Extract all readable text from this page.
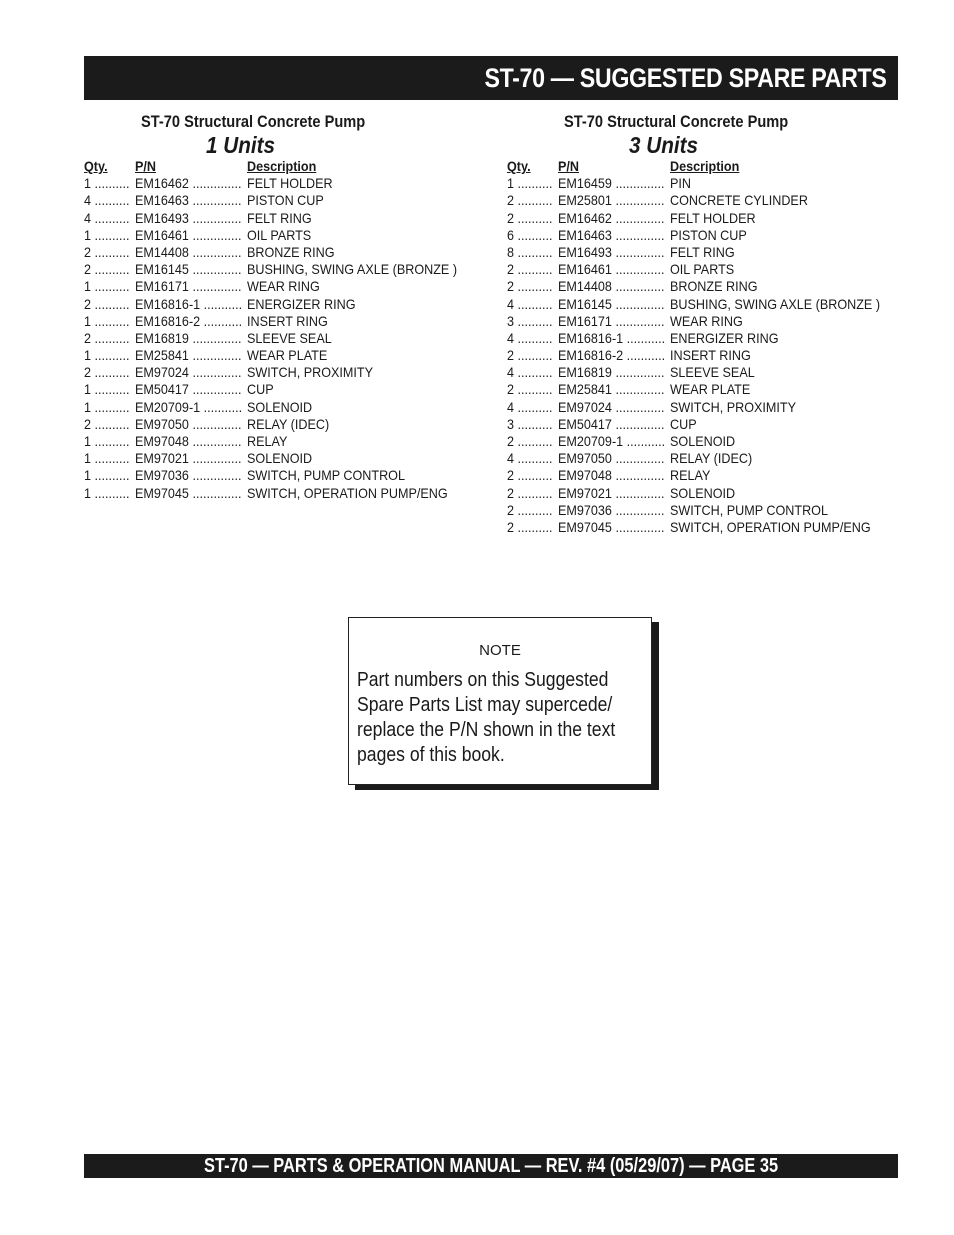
ST-70 — SUGGESTED SPARE PARTS
ST-70 Structural Concrete Pump
1 Units
Qty. P/N	Description
1 .......... EM16462 .............. FELT HOLDER
4 .......... EM16463 .............. PISTON CUP
4 .......... EM16493 .............. FELT RING
1 .......... EM16461 .............. OIL PARTS
2 .......... EM14408 .............. BRONZE RING
2 .......... EM16145 .............. BUSHING, SWING AXLE (BRONZE )
1 .......... EM16171 .............. WEAR RING
2 .......... EM16816-1 ........... ENERGIZER RING
1 .......... EM16816-2 ........... INSERT RING
2 .......... EM16819 .............. SLEEVE SEAL
1 .......... EM25841 .............. WEAR PLATE
2 .......... EM97024 .............. SWITCH, PROXIMITY
1 .......... EM50417 .............. CUP
1 .......... EM20709-1 ........... SOLENOID
2 .......... EM97050 .............. RELAY (IDEC)
1 .......... EM97048 .............. RELAY
1 .......... EM97021 .............. SOLENOID
1 .......... EM97036 .............. SWITCH, PUMP CONTROL
1 .......... EM97045 .............. SWITCH, OPERATION PUMP/ENG
ST-70 Structural Concrete Pump
3 Units
Qty. P/N	Description
1 .......... EM16459 .............. PIN
2 .......... EM25801 .............. CONCRETE CYLINDER
2 .......... EM16462 .............. FELT HOLDER
6 .......... EM16463 .............. PISTON CUP
8 .......... EM16493 .............. FELT RING
2 .......... EM16461 .............. OIL PARTS
2 .......... EM14408 .............. BRONZE RING
4 .......... EM16145 .............. BUSHING, SWING AXLE (BRONZE )
3 .......... EM16171 .............. WEAR RING
4 .......... EM16816-1 ........... ENERGIZER RING
2 .......... EM16816-2 ........... INSERT RING
4 .......... EM16819 .............. SLEEVE SEAL
2 .......... EM25841 .............. WEAR PLATE
4 .......... EM97024 .............. SWITCH, PROXIMITY
3 .......... EM50417 .............. CUP
2 .......... EM20709-1 ........... SOLENOID
4 .......... EM97050 .............. RELAY (IDEC)
2 .......... EM97048 .............. RELAY
2 .......... EM97021 .............. SOLENOID
2 .......... EM97036 .............. SWITCH, PUMP CONTROL
2 .......... EM97045 .............. SWITCH, OPERATION PUMP/ENG
NOTE
Part numbers on this Suggested
Spare Parts List may supercede/
replace the P/N shown in the text
pages of this book.
ST-70 — PARTS & OPERATION MANUAL — REV. #4 (05/29/07) — PAGE 35
